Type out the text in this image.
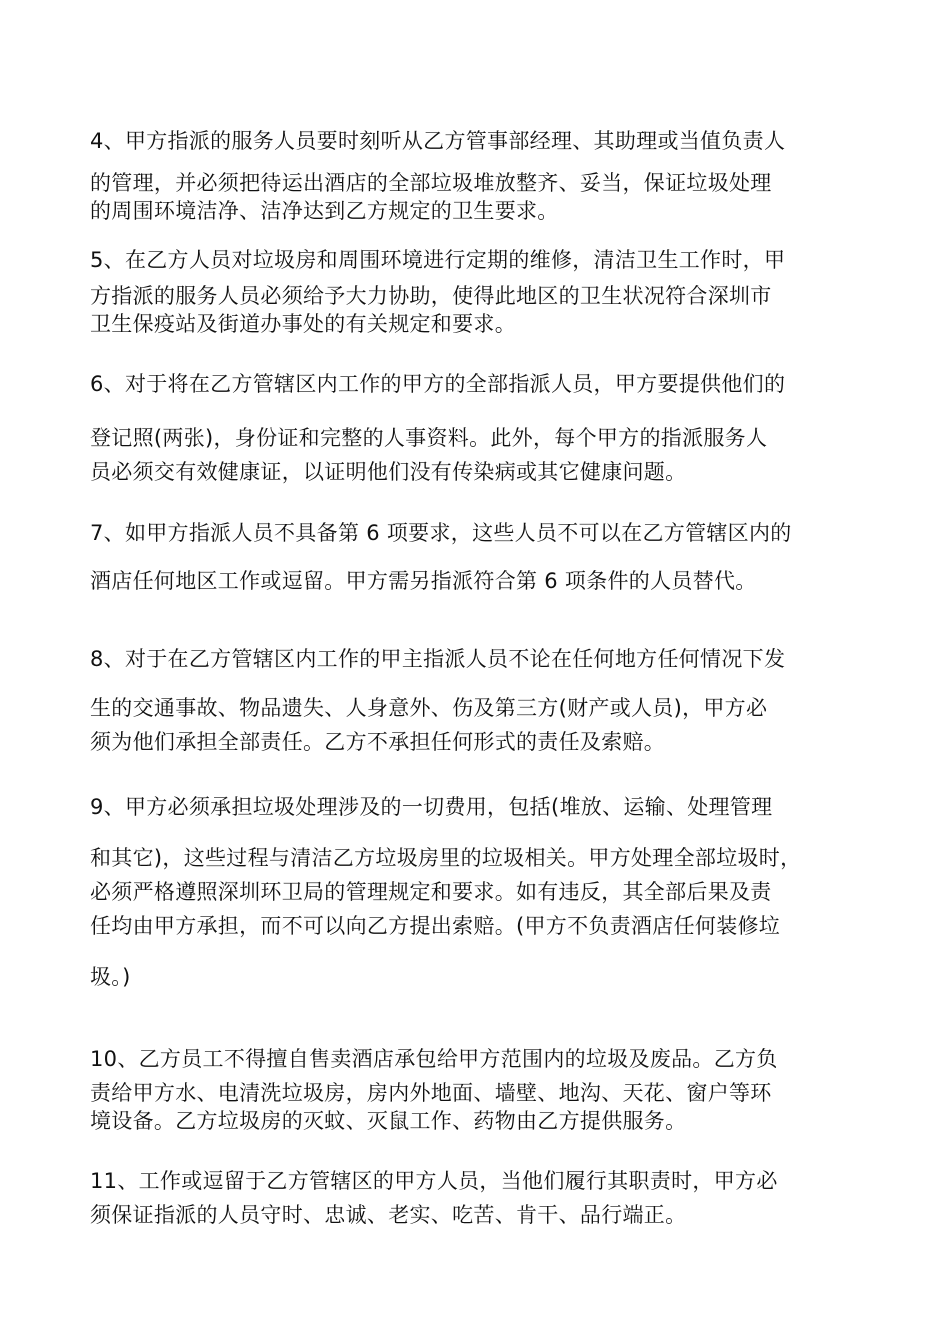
4、甲方指派的服务人员要时刻听从乙方管事部经理、其助理或当值负责人
的管理，并必须把待运出酒店的全部垃圾堆放整齐、妥当，保证垃圾处理
的周围环境洁净、洁净达到乙方规定的卫生要求。
5、在乙方人员对垃圾房和周围环境进行定期的维修，清洁卫生工作时，甲
方指派的服务人员必须给予大力协助，使得此地区的卫生状况符合深圳市
卫生保疫站及街道办事处的有关规定和要求。
6、对于将在乙方管辖区内工作的甲方的全部指派人员，甲方要提供他们的
登记照(两张)，身份证和完整的人事资料。此外，每个甲方的指派服务人
员必须交有效健康证，以证明他们没有传染病或其它健康问题。
7、如甲方指派人员不具备第 6 项要求，这些人员不可以在乙方管辖区内的
酒店任何地区工作或逗留。甲方需另指派符合第 6 项条件的人员替代。
8、对于在乙方管辖区内工作的甲主指派人员不论在任何地方任何情况下发
生的交通事故、物品遗失、人身意外、伤及第三方(财产或人员)，甲方必
须为他们承担全部责任。乙方不承担任何形式的责任及索赔。
9、甲方必须承担垃圾处理涉及的一切费用，包括(堆放、运输、处理管理
和其它)，这些过程与清洁乙方垃圾房里的垃圾相关。甲方处理全部垃圾时，
必须严格遵照深圳环卫局的管理规定和要求。如有违反，其全部后果及责
任均由甲方承担，而不可以向乙方提出索赔。(甲方不负责酒店任何装修垃
圾。)
10、乙方员工不得擅自售卖酒店承包给甲方范围内的垃圾及废品。乙方负
责给甲方水、电清洗垃圾房，房内外地面、墙壁、地沟、天花、窗户等环
境设备。乙方垃圾房的灭蚊、灭鼠工作、药物由乙方提供服务。
11、工作或逗留于乙方管辖区的甲方人员，当他们履行其职责时，甲方必
须保证指派的人员守时、忠诚、老实、吃苦、肯干、品行端正。
